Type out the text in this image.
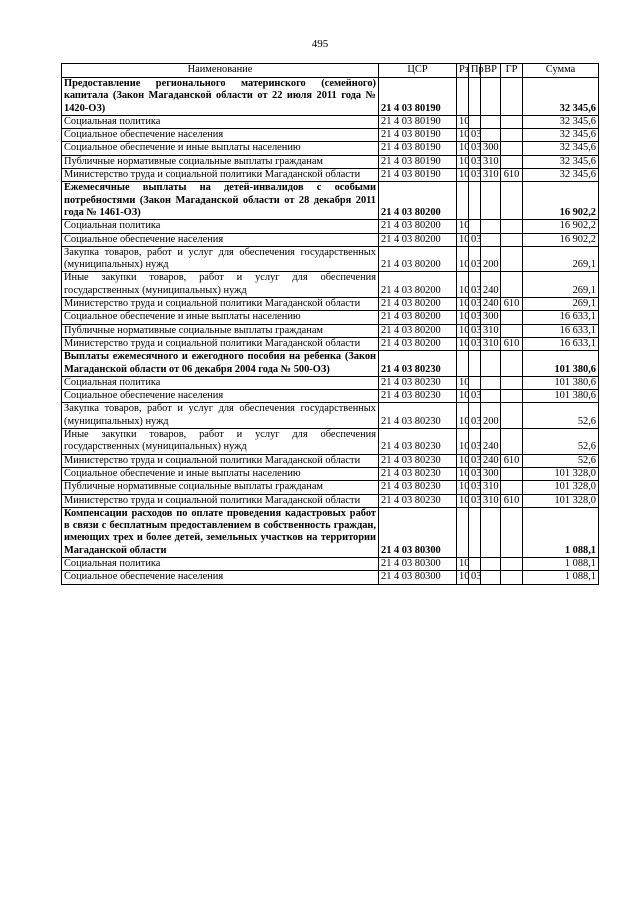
495
Наименование	ЦСР	Рз	Пр	ВР	ГР	Сумма
Предоставление регионального материнского (семейного) капитала (Закон Магаданской области от 22 июля 2011 года № 1420-ОЗ)	21 4 03 80190					32 345,6
Социальная политика	21 4 03 80190	10				32 345,6
Социальное обеспечение населения	21 4 03 80190	10	03			32 345,6
Социальное обеспечение и иные выплаты населению	21 4 03 80190	10	03	300		32 345,6
Публичные нормативные социальные выплаты гражданам	21 4 03 80190	10	03	310		32 345,6
Министерство труда и социальной политики Магаданской области	21 4 03 80190	10	03	310	610	32 345,6
Ежемесячные выплаты на детей-инвалидов с особыми потребностями (Закон Магаданской области от 28 декабря 2011 года № 1461-ОЗ)	21 4 03 80200					16 902,2
Социальная политика	21 4 03 80200	10				16 902,2
Социальное обеспечение населения	21 4 03 80200	10	03			16 902,2
Закупка товаров, работ и услуг для обеспечения государственных (муниципальных) нужд	21 4 03 80200	10	03	200		269,1
Иные закупки товаров, работ и услуг для обеспечения государственных (муниципальных) нужд	21 4 03 80200	10	03	240		269,1
Министерство труда и социальной политики Магаданской области	21 4 03 80200	10	03	240	610	269,1
Социальное обеспечение и иные выплаты населению	21 4 03 80200	10	03	300		16 633,1
Публичные нормативные социальные выплаты гражданам	21 4 03 80200	10	03	310		16 633,1
Министерство труда и социальной политики Магаданской области	21 4 03 80200	10	03	310	610	16 633,1
Выплаты ежемесячного и ежегодного пособия на ребенка (Закон Магаданской области от 06 декабря 2004 года № 500-ОЗ)	21 4 03 80230					101 380,6
Социальная политика	21 4 03 80230	10				101 380,6
Социальное обеспечение населения	21 4 03 80230	10	03			101 380,6
Закупка товаров, работ и услуг для обеспечения государственных (муниципальных) нужд	21 4 03 80230	10	03	200		52,6
Иные закупки товаров, работ и услуг для обеспечения государственных (муниципальных) нужд	21 4 03 80230	10	03	240		52,6
Министерство труда и социальной политики Магаданской области	21 4 03 80230	10	03	240	610	52,6
Социальное обеспечение и иные выплаты населению	21 4 03 80230	10	03	300		101 328,0
Публичные нормативные социальные выплаты гражданам	21 4 03 80230	10	03	310		101 328,0
Министерство труда и социальной политики Магаданской области	21 4 03 80230	10	03	310	610	101 328,0
Компенсации расходов по оплате проведения кадастровых работ в связи с бесплатным предоставлением в собственность граждан, имеющих трех и более детей, земельных участков на территории Магаданской области	21 4 03 80300					1 088,1
Социальная политика	21 4 03 80300	10				1 088,1
Социальное обеспечение населения	21 4 03 80300	10	03			1 088,1
